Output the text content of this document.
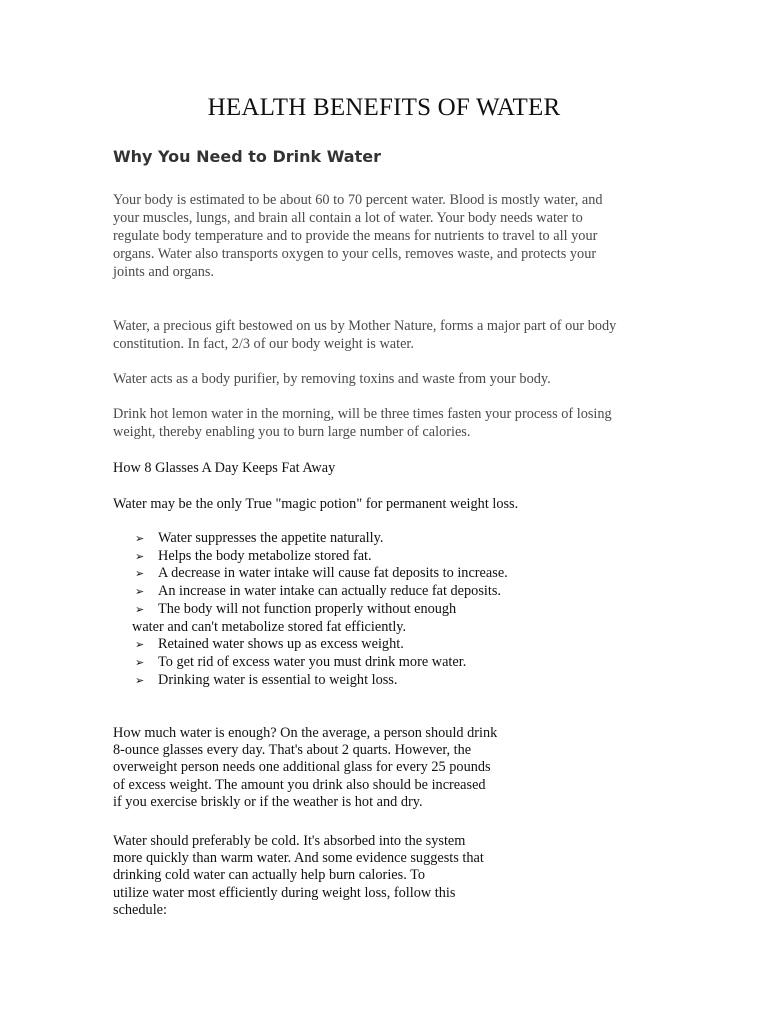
HEALTH BENEFITS OF WATER
Why You Need to Drink Water
Your body is estimated to be about 60 to 70 percent water. Blood is mostly water, and
your muscles, lungs, and brain all contain a lot of water. Your body needs water to
regulate body temperature and to provide the means for nutrients to travel to all your
organs. Water also transports oxygen to your cells, removes waste, and protects your
joints and organs.
Water, a precious gift bestowed on us by Mother Nature, forms a major part of our body
constitution. In fact, 2/3 of our body weight is water.

Water acts as a body purifier, by removing toxins and waste from your body.

Drink hot lemon water in the morning, will be three times fasten your process of losing
weight, thereby enabling you to burn large number of calories.

How 8 Glasses A Day Keeps Fat Away

Water may be the only True "magic potion" for permanent weight loss.

➢ Water suppresses the appetite naturally.
➢ Helps the body metabolize stored fat.
➢ A decrease in water intake will cause fat deposits to increase.
➢ An increase in water intake can actually reduce fat deposits.
➢ The body will not function properly without enough
water and can't metabolize stored fat efficiently.
➢ Retained water shows up as excess weight.
➢ To get rid of excess water you must drink more water.
➢ Drinking water is essential to weight loss.
How much water is enough? On the average, a person should drink
8-ounce glasses every day. That's about 2 quarts. However, the
overweight person needs one additional glass for every 25 pounds
of excess weight. The amount you drink also should be increased
if you exercise briskly or if the weather is hot and dry.
Water should preferably be cold. It's absorbed into the system
more quickly than warm water. And some evidence suggests that
drinking cold water can actually help burn calories. To
utilize water most efficiently during weight loss, follow this
schedule:
